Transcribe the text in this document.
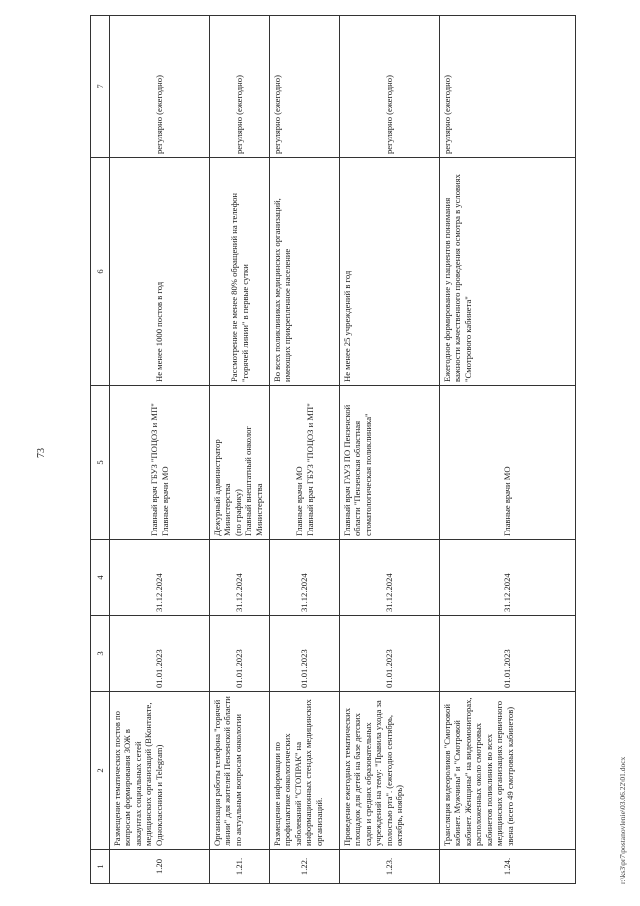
73
1	2	3	4	5	6	7
1.20	Размещение тематических постов по вопросам формирования ЗОЖ в аккаунтах социальных сетей медицинских организаций (ВКонтакте, Одноклассники и Telegram)	01.01.2023	31.12.2024	Главный врач ГБУЗ "ПОЦОЗ и МП"
Главные врачи МО	Не менее 1000 постов в год	регулярно (ежегодно)
1.21.	Организация работы телефона "горячей линии" для жителей Пензенской области по актуальным вопросам онкологии	01.01.2023	31.12.2024	Дежурный администратор Министерства
(по графику)
Главный внештатный онколог Министерства	Рассмотрение не менее 80% обращений на телефон "горячей линии" в первые сутки	регулярно (ежегодно)
1.22.	Размещение информации по профилактике онкологических заболеваний "СТОПРАК" на информационных стендах медицинских организаций.	01.01.2023	31.12.2024	Главные врачи МО
Главный врач ГБУЗ "ПОЦОЗ и МП"	Во всех поликлиниках медицинских организаций, имеющих прикрепленное население	регулярно (ежегодно)
1.23.	Проведение ежегодных тематических площадок для детей на базе детских садов и средних образовательных учреждений на тему: "Правила ухода за полостью рта". (ежегодно сентябрь, октябрь, ноябрь)	01.01.2023	31.12.2024	Главный врач ГАУЗ ПО Пензенской области "Пензенская областная стоматологическая поликлиника"	Не менее 25 учреждений в год	регулярно (ежегодно)
1.24.	Трансляция видеороликов "Смотровой кабинет. Мужчины" и "Смотровой кабинет. Женщины" на видеомониторах, расположенных около смотровых кабинетов поликлиник во всех медицинских организациях первичного звена (всего 49 смотровых кабинетов)	01.01.2023	31.12.2024	Главные врачи МО	Ежегодное формирование у пациентов понимания важности качественного проведения осмотра в условиях "Смотрового кабинета"	регулярно (ежегодно)
r:\ks3\pr7\postanovlenie\03.06.22\01.docx
